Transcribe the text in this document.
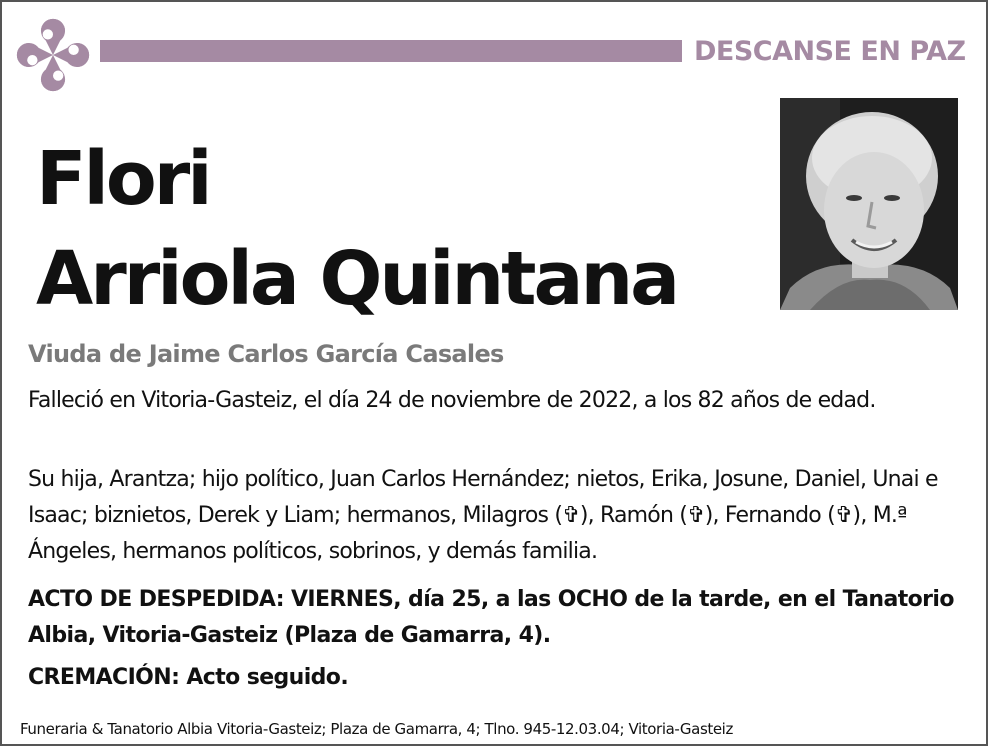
DESCANSE EN PAZ
Flori
Arriola Quintana
Viuda de Jaime Carlos García Casales

Falleció en Vitoria-Gasteiz, el día 24 de noviembre de 2022, a los 82 años de edad.

Su hija, Arantza; hijo político, Juan Carlos Hernández; nietos, Erika, Josune, Daniel, Unai e Isaac; biznietos, Derek y Liam; hermanos, Milagros (✞), Ramón (✞), Fernando (✞), M.ª Ángeles, hermanos políticos, sobrinos, y demás familia.

ACTO DE DESPEDIDA: VIERNES, día 25, a las OCHO de la tarde, en el Tanatorio Albia, Vitoria-Gasteiz (Plaza de Gamarra, 4).

CREMACIÓN: Acto seguido.

Funeraria & Tanatorio Albia Vitoria-Gasteiz; Plaza de Gamarra, 4; Tlno. 945-12.03.04; Vitoria-Gasteiz
